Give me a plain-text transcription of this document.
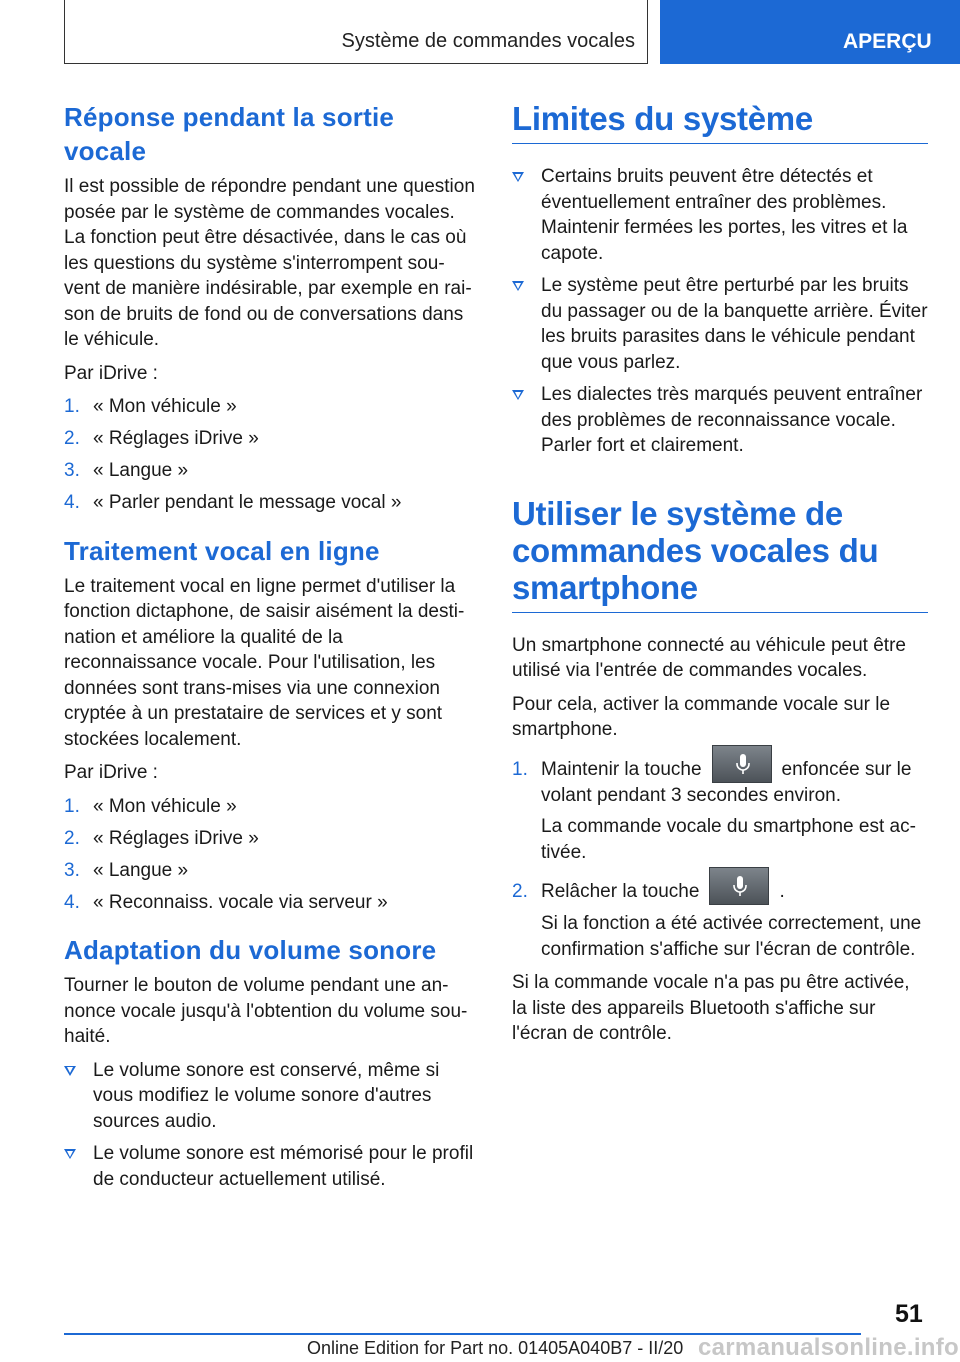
Système de commandes vocales	APERÇU
Réponse pendant la sortie vocale

Il est possible de répondre pendant une question posée par le système de commandes vocales. La fonction peut être désactivée, dans le cas où les questions du système s'interrompent sou-vent de manière indésirable, par exemple en rai-son de bruits de fond ou de conversations dans le véhicule.

Par iDrive :

1. « Mon véhicule »
2. « Réglages iDrive »
3. « Langue »
4. « Parler pendant le message vocal »
Traitement vocal en ligne

Le traitement vocal en ligne permet d'utiliser la fonction dictaphone, de saisir aisément la desti-nation et améliore la qualité de la reconnaissance vocale. Pour l'utilisation, les données sont trans-mises via une connexion cryptée à un prestataire de services et y sont stockées localement.

Par iDrive :

1. « Mon véhicule »
2. « Réglages iDrive »
3. « Langue »
4. « Reconnaiss. vocale via serveur »
Adaptation du volume sonore

Tourner le bouton de volume pendant une an-nonce vocale jusqu'à l'obtention du volume sou-haité.

Le volume sonore est conservé, même si vous modifiez le volume sonore d'autres sources audio.
Le volume sonore est mémorisé pour le profil de conducteur actuellement utilisé.
Limites du système
Certains bruits peuvent être détectés et éventuellement entraîner des problèmes. Maintenir fermées les portes, les vitres et la capote.
Le système peut être perturbé par les bruits du passager ou de la banquette arrière. Éviter les bruits parasites dans le véhicule pendant que vous parlez.
Les dialectes très marqués peuvent entraîner des problèmes de reconnaissance vocale. Parler fort et clairement.
Utiliser le système de commandes vocales du smartphone

Un smartphone connecté au véhicule peut être utilisé via l'entrée de commandes vocales.

Pour cela, activer la commande vocale sur le smartphone.

1. Maintenir la touche	enfoncée sur le volant pendant 3 secondes environ.

La commande vocale du smartphone est ac-tivée.

2. Relâcher la touche	.

Si la fonction a été activée correctement, une confirmation s'affiche sur l'écran de contrôle.

Si la commande vocale n'a pas pu être activée, la liste des appareils Bluetooth s'affiche sur l'écran de contrôle.

51
Online Edition for Part no. 01405A040B7 - II/20 carmanualsonline.info
